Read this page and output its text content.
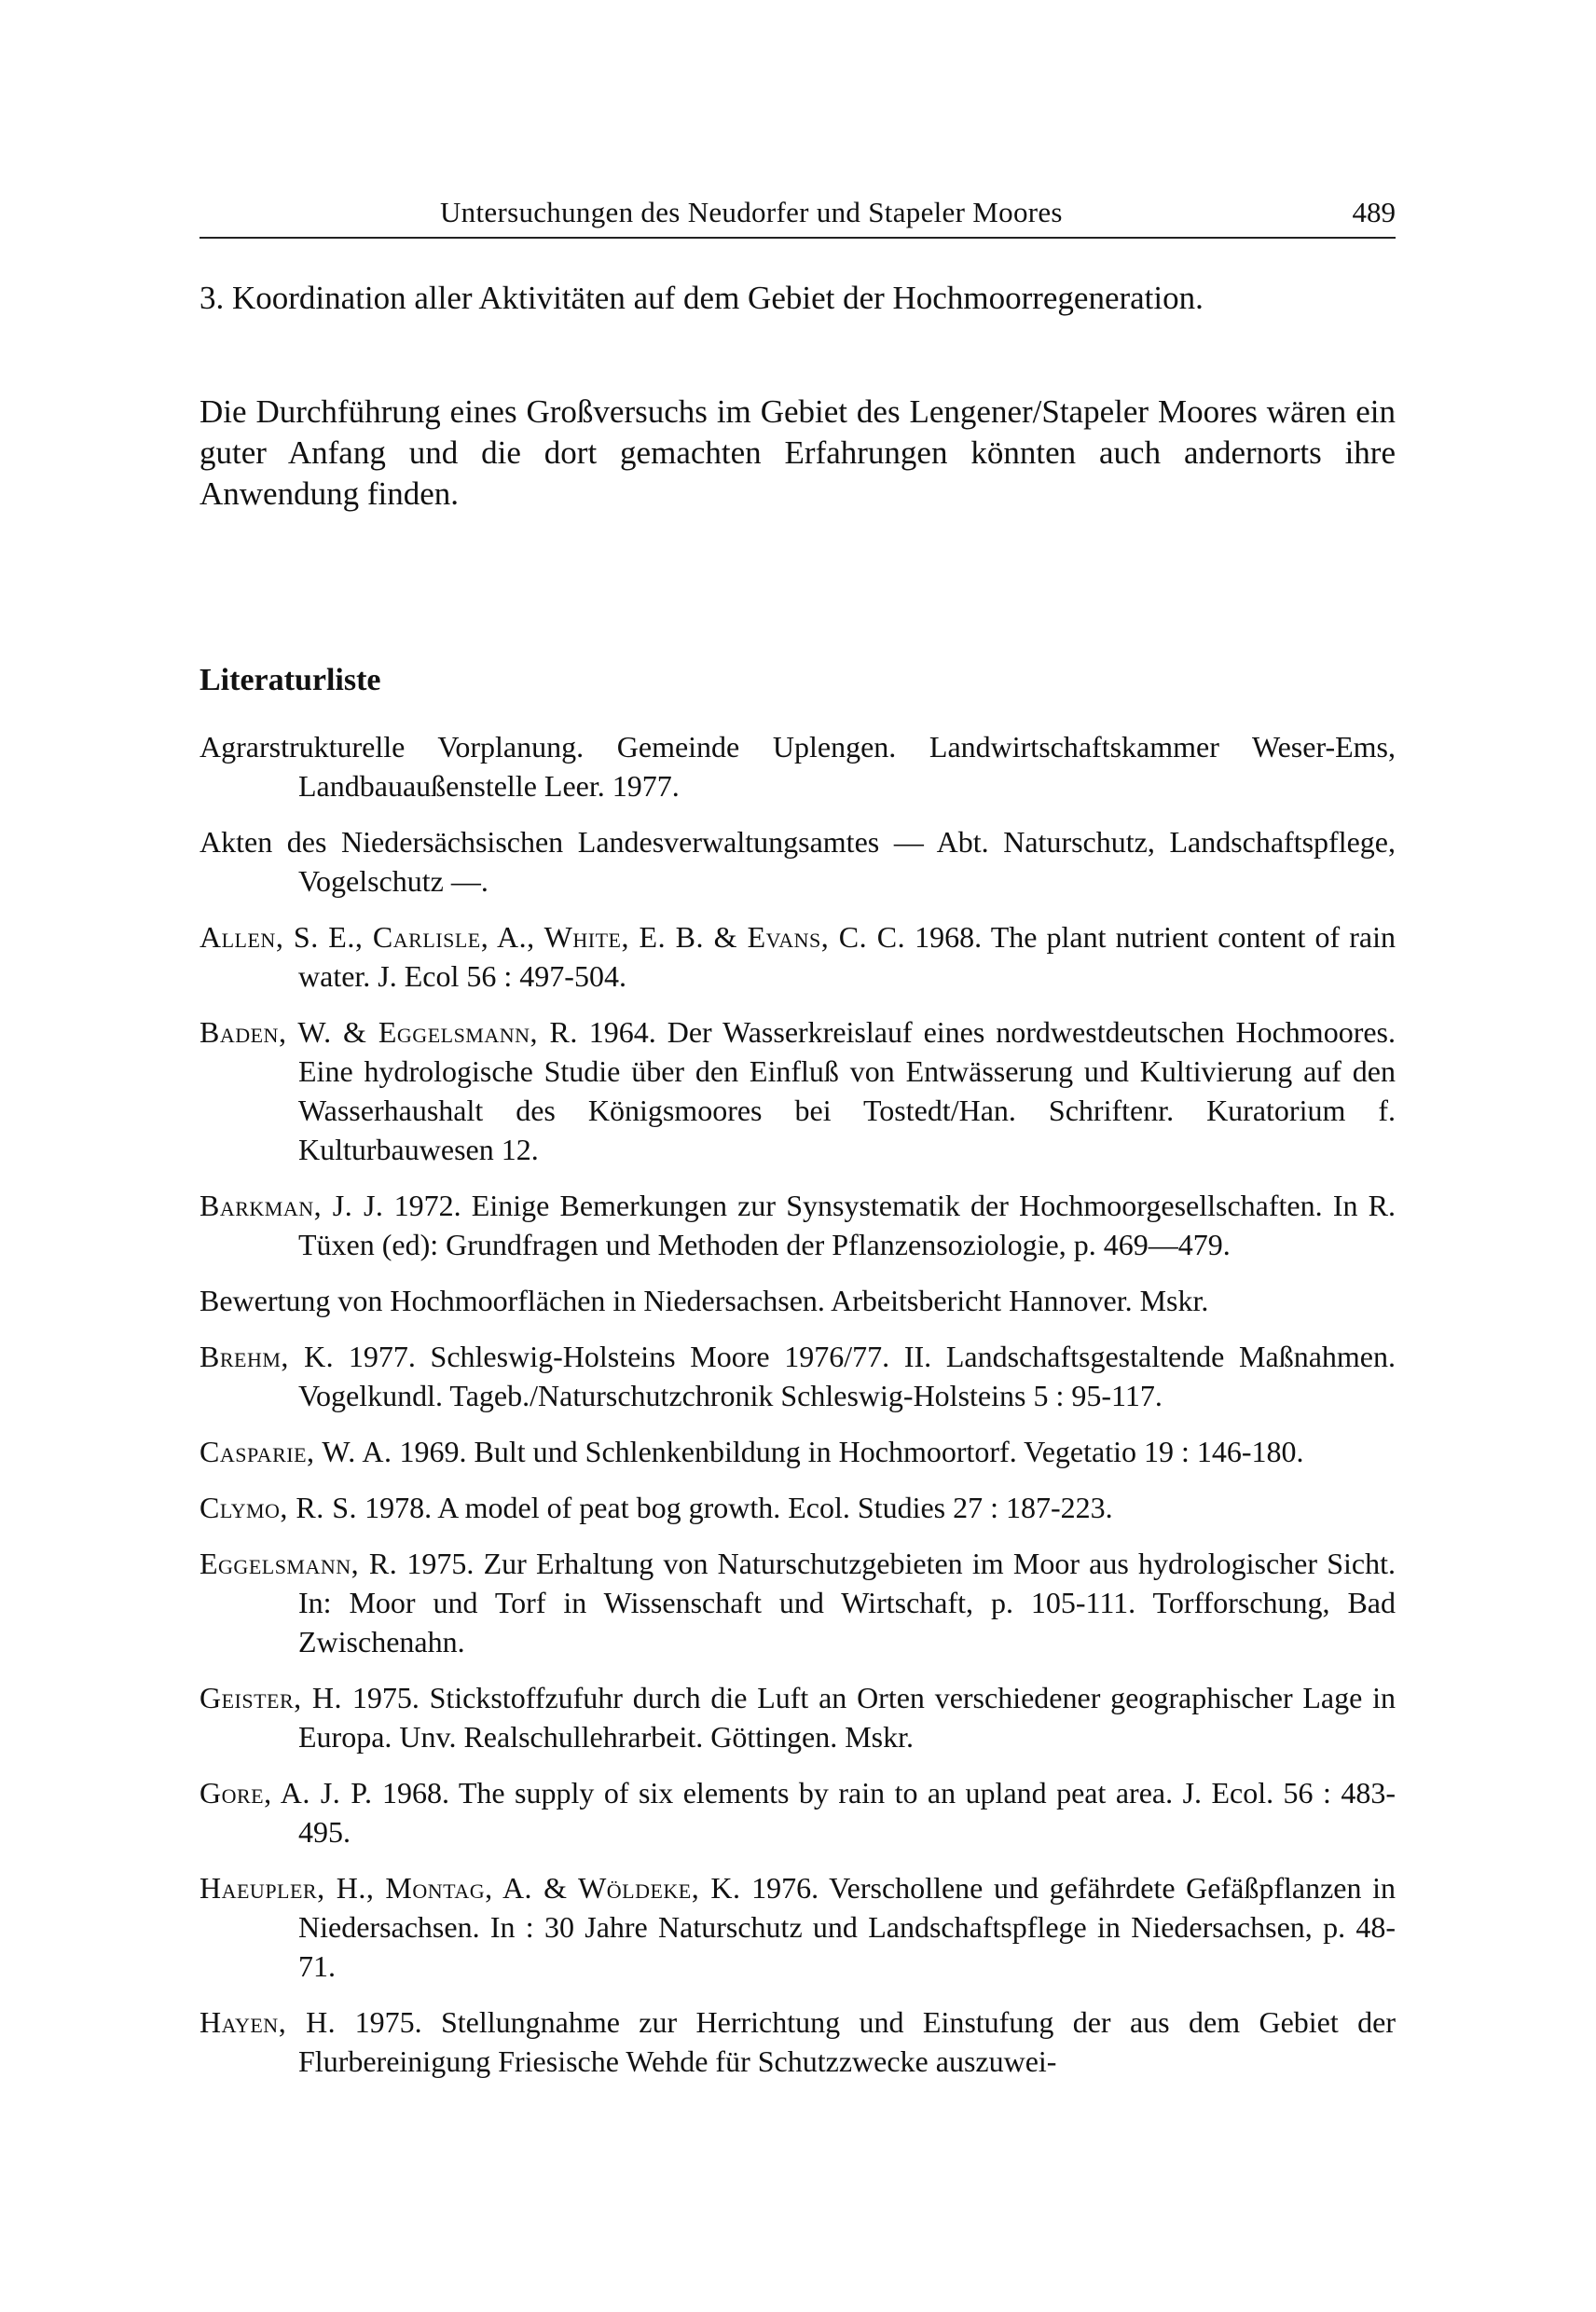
Untersuchungen des Neudorfer und Stapeler Moores	489

3. Koordination aller Aktivitäten auf dem Gebiet der Hochmoorregeneration.

Die Durchführung eines Großversuchs im Gebiet des Lengener/Stapeler Moores wären ein guter Anfang und die dort gemachten Erfahrungen könnten auch andernorts ihre Anwendung finden.

Literaturliste

Agrarstrukturelle Vorplanung. Gemeinde Uplengen. Landwirtschaftskammer Weser-Ems, Landbauaußenstelle Leer. 1977.

Akten des Niedersächsischen Landesverwaltungsamtes — Abt. Naturschutz, Landschaftspflege, Vogelschutz —.

Allen, S. E., Carlisle, A., White, E. B. & Evans, C. C. 1968. The plant nutrient content of rain water. J. Ecol 56 : 497-504.

Baden, W. & Eggelsmann, R. 1964. Der Wasserkreislauf eines nordwestdeutschen Hochmoores. Eine hydrologische Studie über den Einfluß von Entwässerung und Kultivierung auf den Wasserhaushalt des Königsmoores bei Tostedt/Han. Schriftenr. Kuratorium f. Kulturbauwesen 12.

Barkman, J. J. 1972. Einige Bemerkungen zur Synsystematik der Hochmoorgesellschaften. In R. Tüxen (ed): Grundfragen und Methoden der Pflanzensoziologie, p. 469—479.

Bewertung von Hochmoorflächen in Niedersachsen. Arbeitsbericht Hannover. Mskr.

Brehm, K. 1977. Schleswig-Holsteins Moore 1976/77. II. Landschaftsgestaltende Maßnahmen. Vogelkundl. Tageb./Naturschutzchronik Schleswig-Holsteins 5 : 95-117.

Casparie, W. A. 1969. Bult und Schlenkenbildung in Hochmoortorf. Vegetatio 19 : 146-180.

Clymo, R. S. 1978. A model of peat bog growth. Ecol. Studies 27 : 187-223.

Eggelsmann, R. 1975. Zur Erhaltung von Naturschutzgebieten im Moor aus hydrologischer Sicht. In: Moor und Torf in Wissenschaft und Wirtschaft, p. 105-111. Torfforschung, Bad Zwischenahn.

Geister, H. 1975. Stickstoffzufuhr durch die Luft an Orten verschiedener geographischer Lage in Europa. Unv. Realschullehrarbeit. Göttingen. Mskr.

Gore, A. J. P. 1968. The supply of six elements by rain to an upland peat area. J. Ecol. 56 : 483-495.

Haeupler, H., Montag, A. & Wöldeke, K. 1976. Verschollene und gefährdete Gefäßpflanzen in Niedersachsen. In : 30 Jahre Naturschutz und Landschaftspflege in Niedersachsen, p. 48-71.

Hayen, H. 1975. Stellungnahme zur Herrichtung und Einstufung der aus dem Gebiet der Flurbereinigung Friesische Wehde für Schutzzwecke auszuwei-
